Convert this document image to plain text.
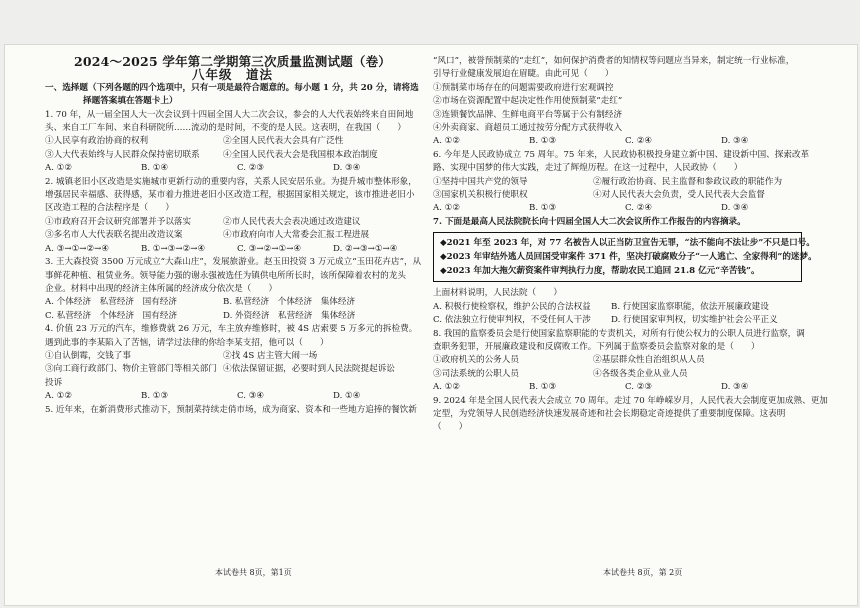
2024～2025 学年第二学期第三次质量监测试题（卷）

八年级　道法

一、选择题（下列各题的四个选项中，只有一项是最符合题意的。每小题 1 分，共 20 分，请将选

择题答案填在答题卡上）

1. 70 年，从一届全国人大一次会议到十四届全国人大二次会议，参会的人大代表始终来自田间地

头、来自工厂车间、来自科研院所……流动的是时间，不变的是人民。这表明，在我国（　　）

①人民享有政治协商的权利	②全国人民代表大会具有广泛性
③人大代表始终与人民群众保持密切联系	④全国人民代表大会是我国根本政治制度
A. ①②	B. ①④	C. ②③	D. ③④

2. 城镇老旧小区改造是实施城市更新行动的重要内容，关系人民安居乐业。为提升城市整体形象，

增强居民幸福感、获得感，某市着力推进老旧小区改造工程，根据国家相关规定，该市推进老旧小

区改造工程的合法程序是（　　）

①市政府召开会议研究部署并予以落实	②市人民代表大会表决通过改造建议
③多名市人大代表联名提出改造议案	④市政府向市人大常委会汇报工程进展
A. ③→①→②→④	B. ①→③→②→④	C. ③→②→①→④	D. ②→③→①→④

3. 王大森投资 3500 万元成立“大森山庄”，发展旅游业。赵玉田投资 3 万元成立“玉田花卉店”，从

事鲜花种植、租赁业务。领导能力强的谢永强被选任为镇供电所所长时，该所保障着农村的龙头

企业。材料中出现的经济主体所属的经济成分依次是（　　）

A. 个体经济　私营经济　国有经济	B. 私营经济　个体经济　集体经济
C. 私营经济　个体经济　国有经济	D. 外资经济　私营经济　集体经济

4. 价值 23 万元的汽车，维修费就 26 万元，车主放弃维修时，被 4S 店索要 5 万多元的拆检费。

遇到此事的李某陷入了苦恼，请学过法律的你给李某支招，他可以（　　）

①自认倒霉，交钱了事	②找 4S 店主管大闹一场
③向工商行政部门、物价主管部门等相关部门投诉
④依法保留证据，必要时到人民法院提起诉讼
A. ①②	B. ①③	C. ③④	D. ①④

5. 近年来，在新消费形式推动下，预制菜持续走俏市场，成为商家、资本和一些地方追捧的餐饮新

本试卷共 8页，第1页

“风口”，被誉预制菜的“走红”，如何保护消费者的知情权等问题应当异来，制定统一行业标准，

引导行业健康发展迫在眉睫。由此可见（　　）

①预制菜市场存在的问题需要政府进行宏观调控

②市场在资源配置中起决定性作用使预制菜“走红”

③连锁餐饮品牌、生鲜电商平台等属于公有制经济

④外卖商家、商超员工通过按劳分配方式获得收入

A. ①②	B. ①③	C. ②④	D. ③④

6. 今年是人民政协成立 75 周年。75 年来，人民政协积极投身建立新中国、建设新中国、探索改革

路、实现中国梦的伟大实践，走过了辉煌历程。在这一过程中，人民政协（　　）

①坚持中国共产党的领导	②履行政治协商、民主监督和参政议政的职能作为
③国家机关积极行使职权	④对人民代表大会负责，受人民代表大会监督
A. ①②	B. ①③	C. ②④	D. ③④

7. 下面是最高人民法院院长向十四届全国人大二次会议所作工作报告的内容摘录。

◆2021 年至 2023 年，对 77 名被告人以正当防卫宣告无罪，“法不能向不法让步”不只是口号。

◆2023 年审结外逃人员回国受审案件 371 件，坚决打破腐败分子“一人逃亡、全家得利”的迷梦。

◆2023 年加大拖欠薪资案件审判执行力度，帮助农民工追回 21.8 亿元“辛苦钱”。

上面材料说明，人民法院（　　）

A. 积极行使检察权，维护公民的合法权益	B. 行使国家监察职能，依法开展廉政建设
C. 依法独立行使审判权，不受任何人干涉	D. 行使国家审判权，切实维护社会公平正义

8. 我国的监察委员会是行使国家监察职能的专责机关，对所有行使公权力的公职人员进行监察，调

查职务犯罪，开展廉政建设和反腐败工作。下列属于监察委员会监察对象的是（　　）

①政府机关的公务人员	②基层群众性自治组织从人员
③司法系统的公职人员	④各级各类企业从业人员
A. ①②	B. ①③	C. ②③	D. ③④

9. 2024 年是全国人民代表大会成立 70 周年。走过 70 年峥嵘岁月，人民代表大会制度更加成熟、更加

定型，为党领导人民创造经济快速发展奇迹和社会长期稳定奇迹提供了重要制度保障。这表明

（　　）

本试卷共 8页，第 2页
